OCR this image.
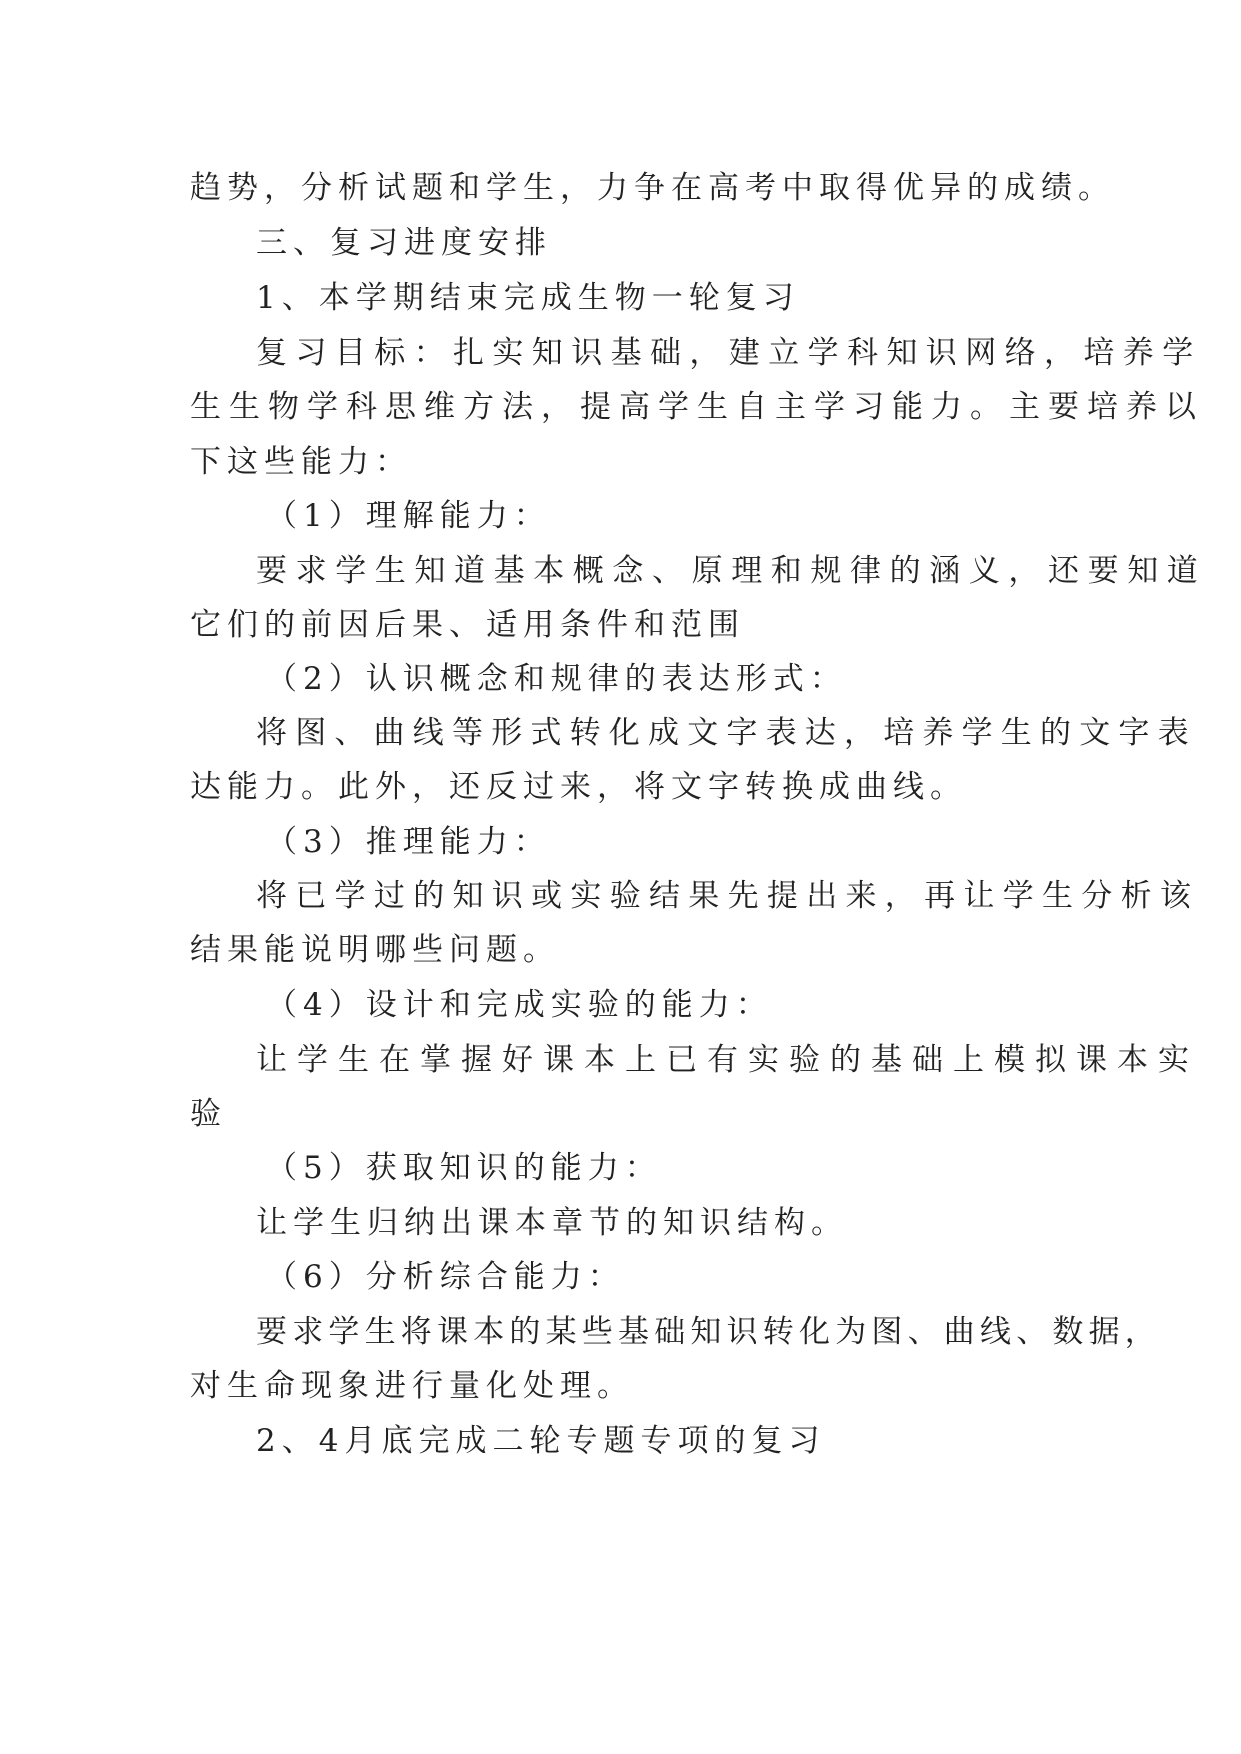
趋势，分析试题和学生，力争在高考中取得优异的成绩。
三、复习进度安排
1、本学期结束完成生物一轮复习
复习目标：扎实知识基础，建立学科知识网络，培养学
生生物学科思维方法，提高学生自主学习能力。主要培养以
下这些能力：
（1）理解能力：
要求学生知道基本概念、原理和规律的涵义，还要知道
它们的前因后果、适用条件和范围
（2）认识概念和规律的表达形式：
将图、曲线等形式转化成文字表达，培养学生的文字表
达能力。此外，还反过来，将文字转换成曲线。
（3）推理能力：
将已学过的知识或实验结果先提出来，再让学生分析该
结果能说明哪些问题。
（4）设计和完成实验的能力：
让学生在掌握好课本上已有实验的基础上模拟课本实
验
（5）获取知识的能力：
让学生归纳出课本章节的知识结构。
（6）分析综合能力：
要求学生将课本的某些基础知识转化为图、曲线、数据，
对生命现象进行量化处理。
2、4月底完成二轮专题专项的复习
